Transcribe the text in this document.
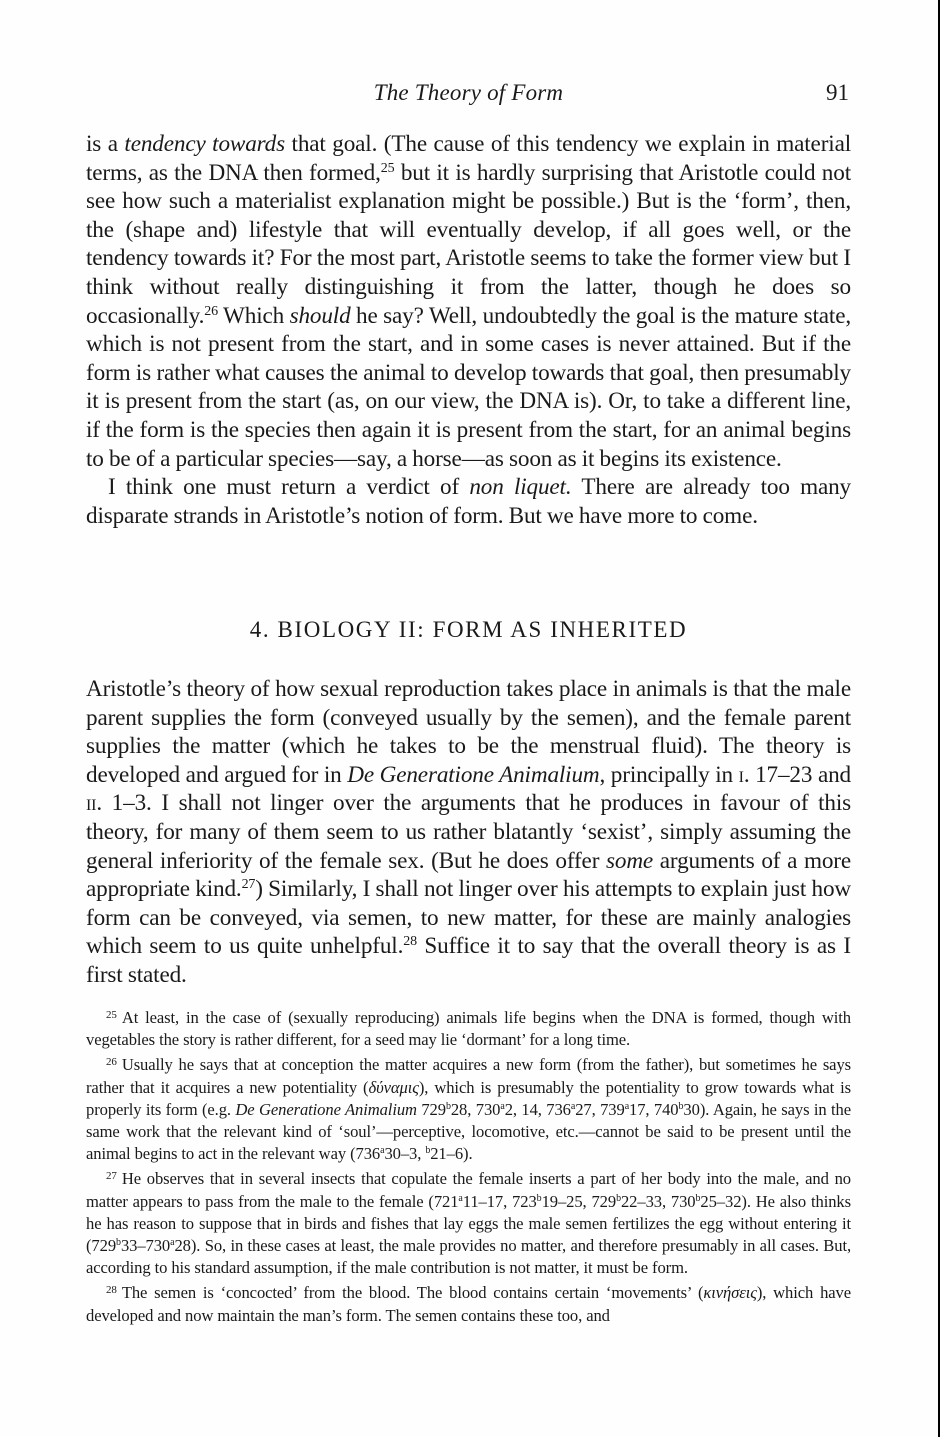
The Theory of Form	91

is a tendency towards that goal. (The cause of this tendency we explain in material terms, as the DNA then formed,$^{25}$ but it is hardly surprising that Aristotle could not see how such a materialist explanation might be possible.) But is the ‘form’, then, the (shape and) lifestyle that will eventually develop, if all goes well, or the tendency towards it? For the most part, Aristotle seems to take the former view but I think without really distinguishing it from the latter, though he does so occasionally.$^{26}$ Which should he say? Well, undoubtedly the goal is the mature state, which is not present from the start, and in some cases is never attained. But if the form is rather what causes the animal to develop towards that goal, then presumably it is present from the start (as, on our view, the DNA is). Or, to take a different line, if the form is the species then again it is present from the start, for an animal begins to be of a particular species—say, a horse—as soon as it begins its existence.

I think one must return a verdict of non liquet. There are already too many disparate strands in Aristotle’s notion of form. But we have more to come.

4. BIOLOGY II: FORM AS INHERITED

Aristotle’s theory of how sexual reproduction takes place in animals is that the male parent supplies the form (conveyed usually by the semen), and the female parent supplies the matter (which he takes to be the menstrual fluid). The theory is developed and argued for in De Generatione Animalium, principally in i. 17–23 and ii. 1–3. I shall not linger over the arguments that he produces in favour of this theory, for many of them seem to us rather blatantly ‘sexist’, simply assuming the general inferiority of the female sex. (But he does offer some arguments of a more appropriate kind.$^{27}$) Similarly, I shall not linger over his attempts to explain just how form can be conveyed, via semen, to new matter, for these are mainly analogies which seem to us quite unhelpful.$^{28}$ Suffice it to say that the overall theory is as I first stated.

$^{25}$ At least, in the case of (sexually reproducing) animals life begins when the DNA is formed, though with vegetables the story is rather different, for a seed may lie ‘dormant’ for a long time.

$^{26}$ Usually he says that at conception the matter acquires a new form (from the father), but sometimes he says rather that it acquires a new potentiality (δύναμις), which is presumably the potentiality to grow towards what is properly its form (e.g. De Generatione Animalium 729$^b$28, 730$^a$2, 14, 736$^a$27, 739$^a$17, 740$^b$30). Again, he says in the same work that the relevant kind of ‘soul’—perceptive, locomotive, etc.—cannot be said to be present until the animal begins to act in the relevant way (736$^a$30–3, $^b$21–6).

$^{27}$ He observes that in several insects that copulate the female inserts a part of her body into the male, and no matter appears to pass from the male to the female (721$^a$11–17, 723$^b$19–25, 729$^b$22–33, 730$^b$25–32). He also thinks he has reason to suppose that in birds and fishes that lay eggs the male semen fertilizes the egg without entering it (729$^b$33–730$^a$28). So, in these cases at least, the male provides no matter, and therefore presumably in all cases. But, according to his standard assumption, if the male contribution is not matter, it must be form.

$^{28}$ The semen is ‘concocted’ from the blood. The blood contains certain ‘movements’ (κινήσεις), which have developed and now maintain the man’s form. The semen contains these too, and
